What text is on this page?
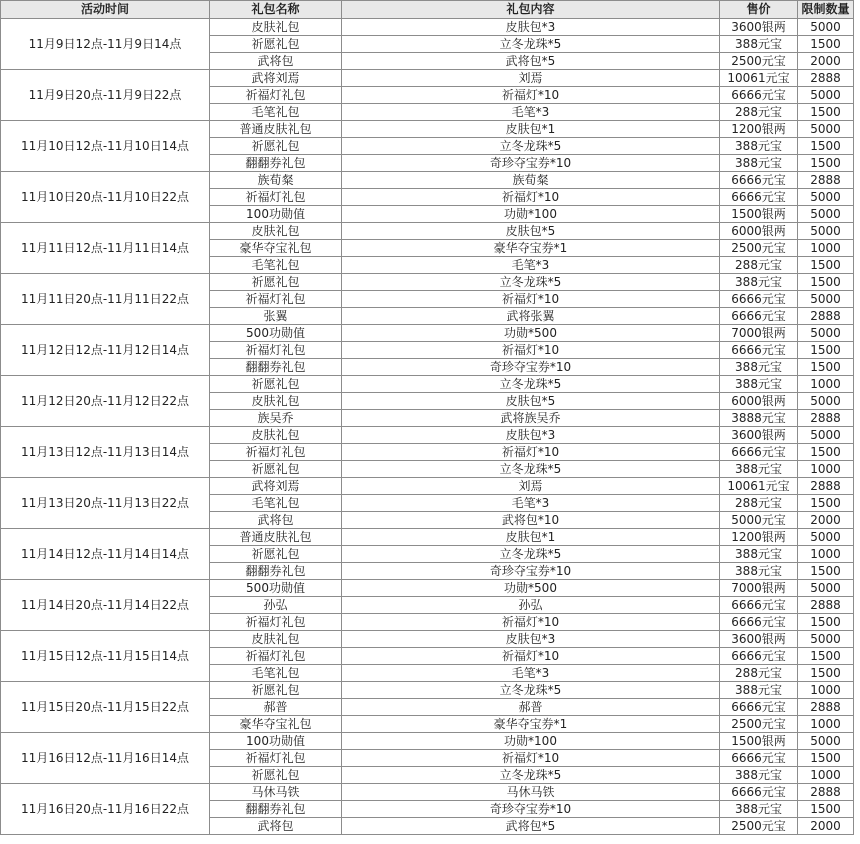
活动时间	礼包名称	礼包内容	售价	限制数量
11月9日12点-11月9日14点	皮肤礼包	皮肤包*3	3600银两	5000
	祈愿礼包	立冬龙珠*5	388元宝	1500
	武将包	武将包*5	2500元宝	2000
11月9日20点-11月9日22点	武将刘焉	刘焉	10061元宝	2888
	祈福灯礼包	祈福灯*10	6666元宝	5000
	毛笔礼包	毛笔*3	288元宝	1500
11月10日12点-11月10日14点	普通皮肤礼包	皮肤包*1	1200银两	5000
	祈愿礼包	立冬龙珠*5	388元宝	1500
	翻翻券礼包	奇珍夺宝券*10	388元宝	1500
11月10日20点-11月10日22点	族荀粲	族荀粲	6666元宝	2888
	祈福灯礼包	祈福灯*10	6666元宝	5000
	100功勋值	功勋*100	1500银两	5000
11月11日12点-11月11日14点	皮肤礼包	皮肤包*5	6000银两	5000
	豪华夺宝礼包	豪华夺宝券*1	2500元宝	1000
	毛笔礼包	毛笔*3	288元宝	1500
11月11日20点-11月11日22点	祈愿礼包	立冬龙珠*5	388元宝	1500
	祈福灯礼包	祈福灯*10	6666元宝	5000
	张翼	武将张翼	6666元宝	2888
11月12日12点-11月12日14点	500功勋值	功勋*500	7000银两	5000
	祈福灯礼包	祈福灯*10	6666元宝	1500
	翻翻券礼包	奇珍夺宝券*10	388元宝	1500
11月12日20点-11月12日22点	祈愿礼包	立冬龙珠*5	388元宝	1000
	皮肤礼包	皮肤包*5	6000银两	5000
	族吴乔	武将族吴乔	3888元宝	2888
11月13日12点-11月13日14点	皮肤礼包	皮肤包*3	3600银两	5000
	祈福灯礼包	祈福灯*10	6666元宝	1500
	祈愿礼包	立冬龙珠*5	388元宝	1000
11月13日20点-11月13日22点	武将刘焉	刘焉	10061元宝	2888
	毛笔礼包	毛笔*3	288元宝	1500
	武将包	武将包*10	5000元宝	2000
11月14日12点-11月14日14点	普通皮肤礼包	皮肤包*1	1200银两	5000
	祈愿礼包	立冬龙珠*5	388元宝	1000
	翻翻券礼包	奇珍夺宝券*10	388元宝	1500
11月14日20点-11月14日22点	500功勋值	功勋*500	7000银两	5000
	孙弘	孙弘	6666元宝	2888
	祈福灯礼包	祈福灯*10	6666元宝	1500
11月15日12点-11月15日14点	皮肤礼包	皮肤包*3	3600银两	5000
	祈福灯礼包	祈福灯*10	6666元宝	1500
	毛笔礼包	毛笔*3	288元宝	1500
11月15日20点-11月15日22点	祈愿礼包	立冬龙珠*5	388元宝	1000
	郝普	郝普	6666元宝	2888
	豪华夺宝礼包	豪华夺宝券*1	2500元宝	1000
11月16日12点-11月16日14点	100功勋值	功勋*100	1500银两	5000
	祈福灯礼包	祈福灯*10	6666元宝	1500
	祈愿礼包	立冬龙珠*5	388元宝	1000
11月16日20点-11月16日22点	马休马铁	马休马铁	6666元宝	2888
	翻翻券礼包	奇珍夺宝券*10	388元宝	1500
	武将包	武将包*5	2500元宝	2000
